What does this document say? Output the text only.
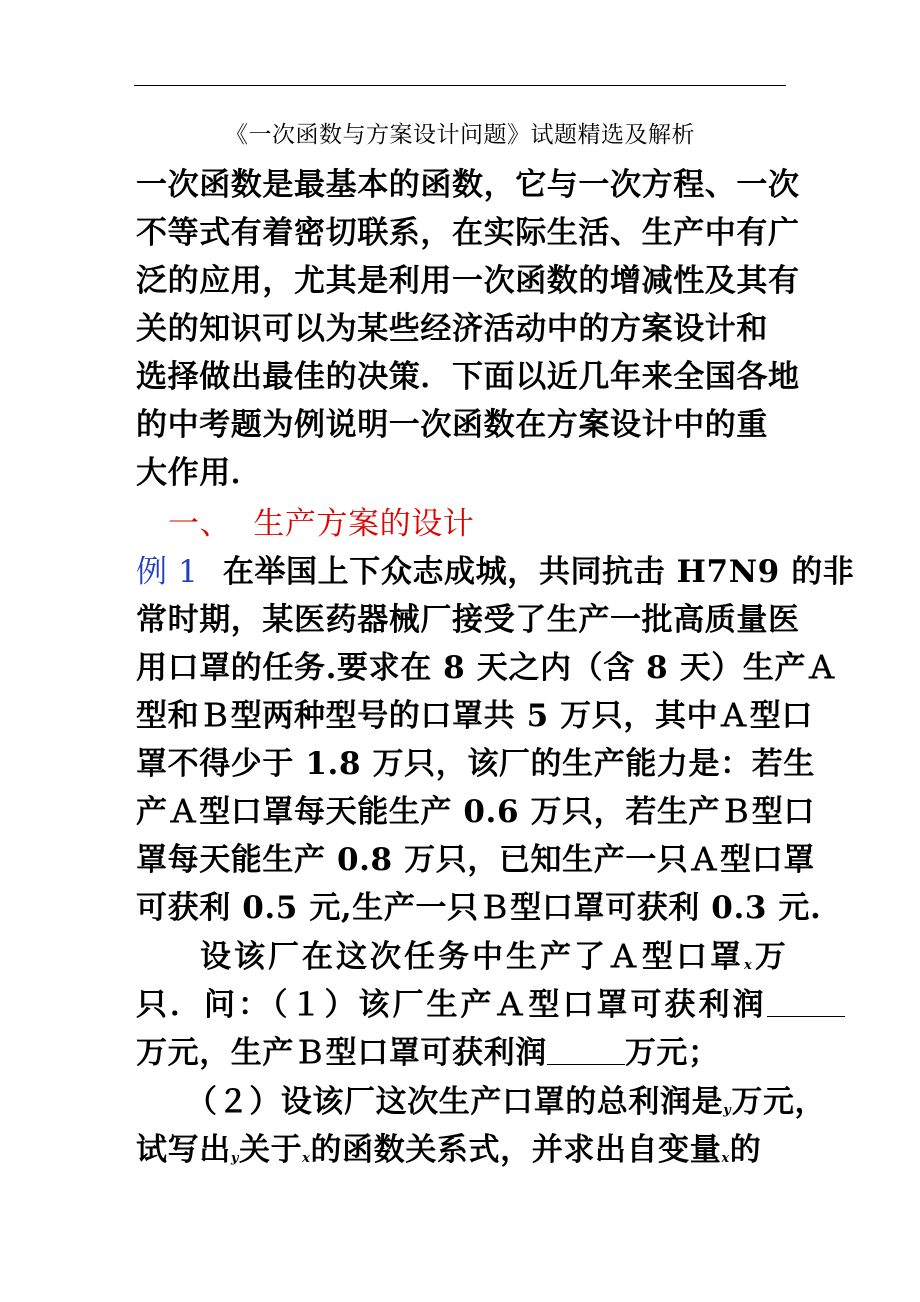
《一次函数与方案设计问题》试题精选及解析
一次函数是最基本的函数，它与一次方程、一次
不等式有着密切联系，在实际生活、生产中有广
泛的应用，尤其是利用一次函数的增减性及其有
关的知识可以为某些经济活动中的方案设计和
选择做出最佳的决策．下面以近几年来全国各地
的中考题为例说明一次函数在方案设计中的重
大作用．
一、 生产方案的设计
例 1 在举国上下众志成城，共同抗击 H7N9 的非
常时期，某医药器械厂接受了生产一批高质量医
用口罩的任务.要求在 8 天之内（含 8 天）生产Ａ
型和Ｂ型两种型号的口罩共 5 万只，其中Ａ型口
罩不得少于 1.8 万只，该厂的生产能力是：若生
产Ａ型口罩每天能生产 0.6 万只，若生产Ｂ型口
罩每天能生产 0.8 万只，已知生产一只Ａ型口罩
可获利 0.5 元,生产一只Ｂ型口罩可获利 0.3 元.
设该厂在这次任务中生产了Ａ型口罩x万
只．问：（１）该厂生产Ａ型口罩可获利润
万元，生产Ｂ型口罩可获利润	万元；
（２）设该厂这次生产口罩的总利润是y万元，
试写出y关于x的函数关系式，并求出自变量x的
